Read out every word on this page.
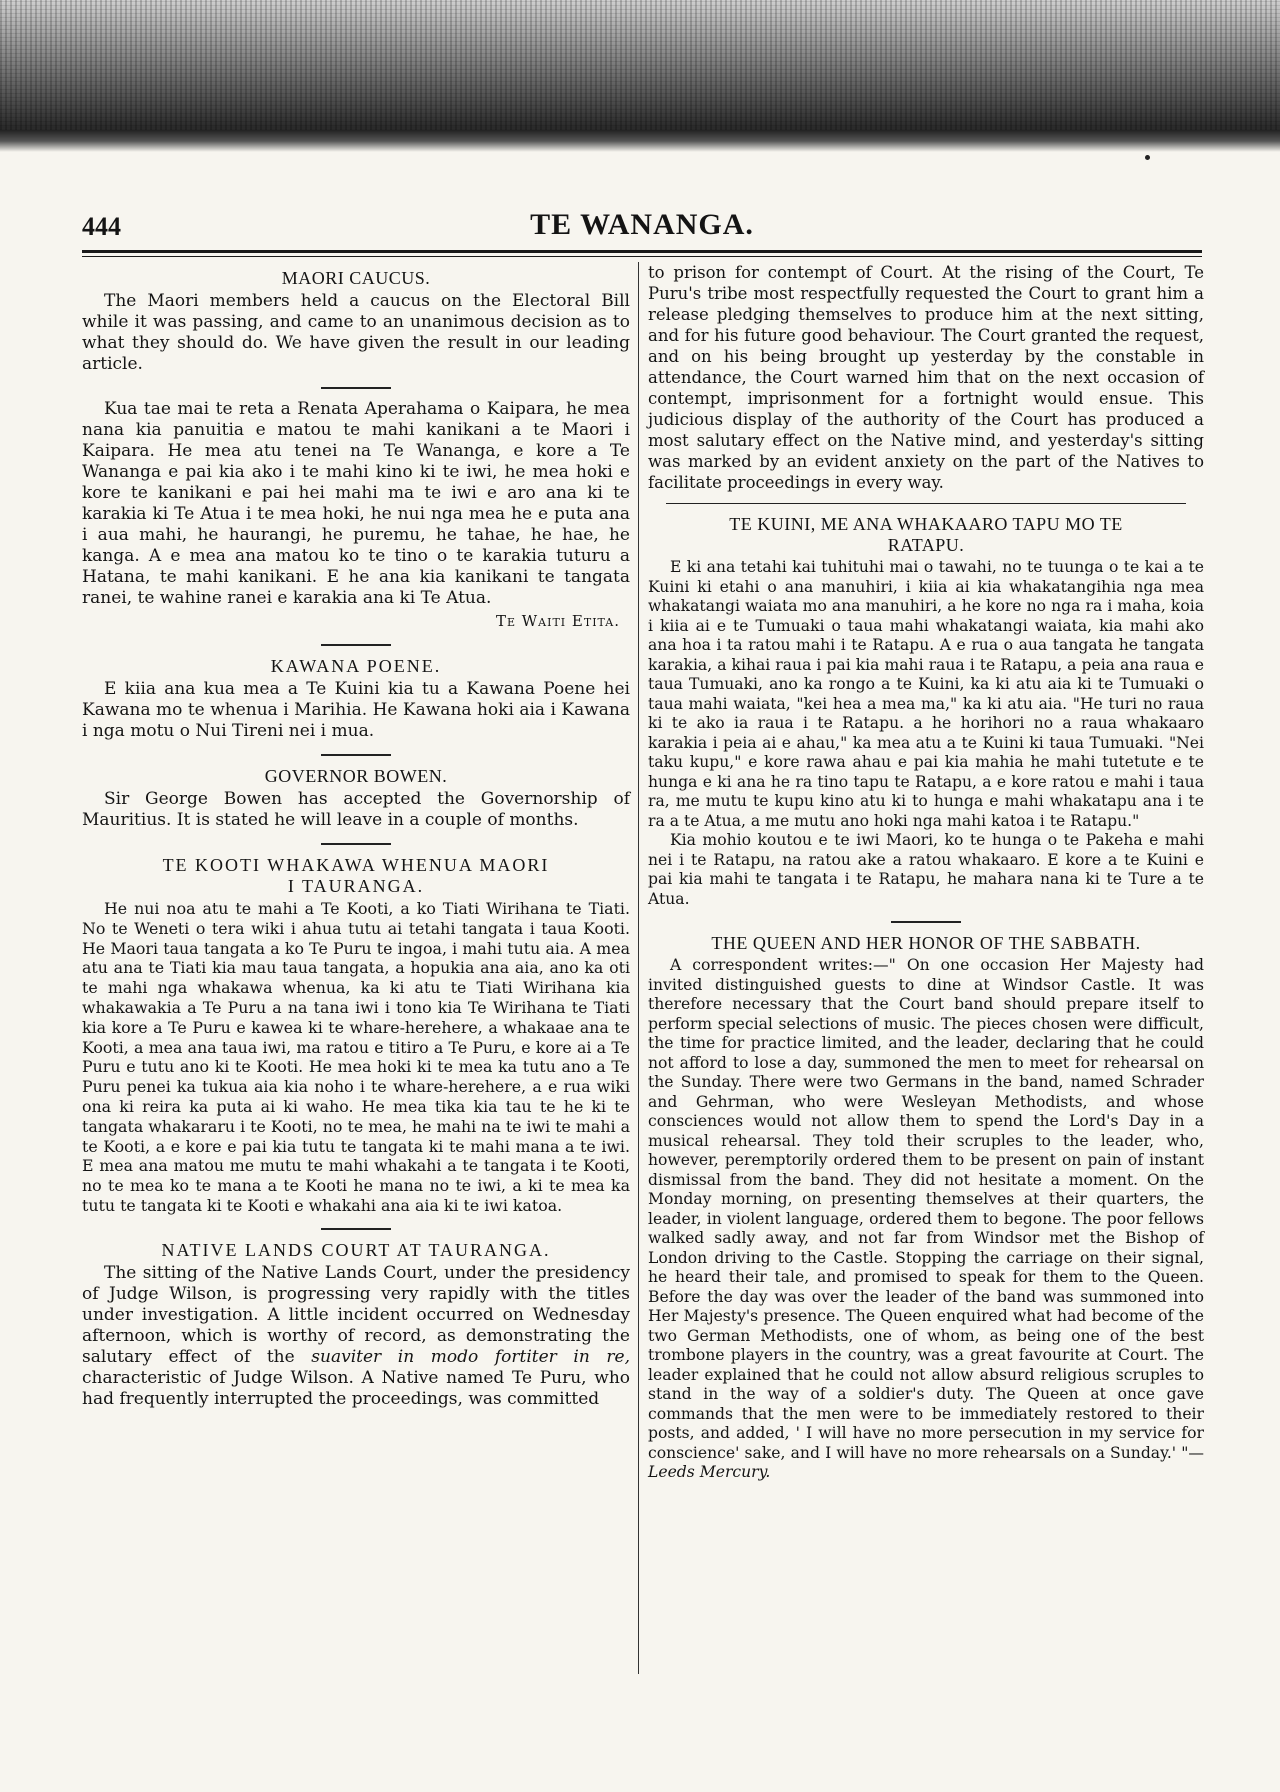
444	TE WANANGA.
MAORI CAUCUS.

The Maori members held a caucus on the Electoral Bill while it was passing, and came to an unanimous decision as to what they should do. We have given the result in our leading article.

Kua tae mai te reta a Renata Aperahama o Kaipara, he mea nana kia panuitia e matou te mahi kanikani a te Maori i Kaipara. He mea atu tenei na Te Wananga, e kore a Te Wananga e pai kia ako i te mahi kino ki te iwi, he mea hoki e kore te kanikani e pai hei mahi ma te iwi e aro ana ki te karakia ki Te Atua i te mea hoki, he nui nga mea he e puta ana i aua mahi, he haurangi, he puremu, he tahae, he hae, he kanga. A e mea ana matou ko te tino o te karakia tuturu a Hatana, te mahi kanikani. E he ana kia kanikani te tangata ranei, te wahine ranei e karakia ana ki Te Atua.

Te Waiti Etita.
KAWANA POENE.

E kiia ana kua mea a Te Kuini kia tu a Kawana Poene hei Kawana mo te whenua i Marihia. He Kawana hoki aia i Kawana i nga motu o Nui Tireni nei i mua.

GOVERNOR BOWEN.

Sir George Bowen has accepted the Governorship of Mauritius. It is stated he will leave in a couple of months.

TE KOOTI WHAKAWA WHENUA MAORI
I TAURANGA.

He nui noa atu te mahi a Te Kooti, a ko Tiati Wirihana te Tiati. No te Weneti o tera wiki i ahua tutu ai tetahi tangata i taua Kooti. He Maori taua tangata a ko Te Puru te ingoa, i mahi tutu aia. A mea atu ana te Tiati kia mau taua tangata, a hopukia ana aia, ano ka oti te mahi nga whakawa whenua, ka ki atu te Tiati Wirihana kia whakawakia a Te Puru a na tana iwi i tono kia Te Wirihana te Tiati kia kore a Te Puru e kawea ki te whare-herehere, a whakaae ana te Kooti, a mea ana taua iwi, ma ratou e titiro a Te Puru, e kore ai a Te Puru e tutu ano ki te Kooti. He mea hoki ki te mea ka tutu ano a Te Puru penei ka tukua aia kia noho i te whare-herehere, a e rua wiki ona ki reira ka puta ai ki waho. He mea tika kia tau te he ki te tangata whakararu i te Kooti, no te mea, he mahi na te iwi te mahi a te Kooti, a e kore e pai kia tutu te tangata ki te mahi mana a te iwi. E mea ana matou me mutu te mahi whakahi a te tangata i te Kooti, no te mea ko te mana a te Kooti he mana no te iwi, a ki te mea ka tutu te tangata ki te Kooti e whakahi ana aia ki te iwi katoa.

NATIVE LANDS COURT AT TAURANGA.

The sitting of the Native Lands Court, under the presidency of Judge Wilson, is progressing very rapidly with the titles under investigation. A little incident occurred on Wednesday afternoon, which is worthy of record, as demonstrating the salutary effect of the suaviter in modo fortiter in re, characteristic of Judge Wilson. A Native named Te Puru, who had frequently interrupted the proceedings, was committed

to prison for contempt of Court. At the rising of the Court, Te Puru's tribe most respectfully requested the Court to grant him a release pledging themselves to produce him at the next sitting, and for his future good behaviour. The Court granted the request, and on his being brought up yesterday by the constable in attendance, the Court warned him that on the next occasion of contempt, imprisonment for a fortnight would ensue. This judicious display of the authority of the Court has produced a most salutary effect on the Native mind, and yesterday's sitting was marked by an evident anxiety on the part of the Natives to facilitate proceedings in every way.

TE KUINI, ME ANA WHAKAARO TAPU MO TE
RATAPU.

E ki ana tetahi kai tuhituhi mai o tawahi, no te tuunga o te kai a te Kuini ki etahi o ana manuhiri, i kiia ai kia whakatangihia nga mea whakatangi waiata mo ana manuhiri, a he kore no nga ra i maha, koia i kiia ai e te Tumuaki o taua mahi whakatangi waiata, kia mahi ako ana hoa i ta ratou mahi i te Ratapu. A e rua o aua tangata he tangata karakia, a kihai raua i pai kia mahi raua i te Ratapu, a peia ana raua e taua Tumuaki, ano ka rongo a te Kuini, ka ki atu aia ki te Tumuaki o taua mahi waiata, "kei hea a mea ma," ka ki atu aia. "He turi no raua ki te ako ia raua i te Ratapu. a he horihori no a raua whakaaro karakia i peia ai e ahau," ka mea atu a te Kuini ki taua Tumuaki. "Nei taku kupu," e kore rawa ahau e pai kia mahia he mahi tutetute e te hunga e ki ana he ra tino tapu te Ratapu, a e kore ratou e mahi i taua ra, me mutu te kupu kino atu ki to hunga e mahi whakatapu ana i te ra a te Atua, a me mutu ano hoki nga mahi katoa i te Ratapu."

Kia mohio koutou e te iwi Maori, ko te hunga o te Pakeha e mahi nei i te Ratapu, na ratou ake a ratou whakaaro. E kore a te Kuini e pai kia mahi te tangata i te Ratapu, he mahara nana ki te Ture a te Atua.

THE QUEEN AND HER HONOR OF THE SABBATH.

A correspondent writes:—" On one occasion Her Majesty had invited distinguished guests to dine at Windsor Castle. It was therefore necessary that the Court band should prepare itself to perform special selections of music. The pieces chosen were difficult, the time for practice limited, and the leader, declaring that he could not afford to lose a day, summoned the men to meet for rehearsal on the Sunday. There were two Germans in the band, named Schrader and Gehrman, who were Wesleyan Methodists, and whose consciences would not allow them to spend the Lord's Day in a musical rehearsal. They told their scruples to the leader, who, however, peremptorily ordered them to be present on pain of instant dismissal from the band. They did not hesitate a moment. On the Monday morning, on presenting themselves at their quarters, the leader, in violent language, ordered them to begone. The poor fellows walked sadly away, and not far from Windsor met the Bishop of London driving to the Castle. Stopping the carriage on their signal, he heard their tale, and promised to speak for them to the Queen. Before the day was over the leader of the band was summoned into Her Majesty's presence. The Queen enquired what had become of the two German Methodists, one of whom, as being one of the best trombone players in the country, was a great favourite at Court. The leader explained that he could not allow absurd religious scruples to stand in the way of a soldier's duty. The Queen at once gave commands that the men were to be immediately restored to their posts, and added, ' I will have no more persecution in my service for conscience' sake, and I will have no more rehearsals on a Sunday.' "—Leeds Mercury.
